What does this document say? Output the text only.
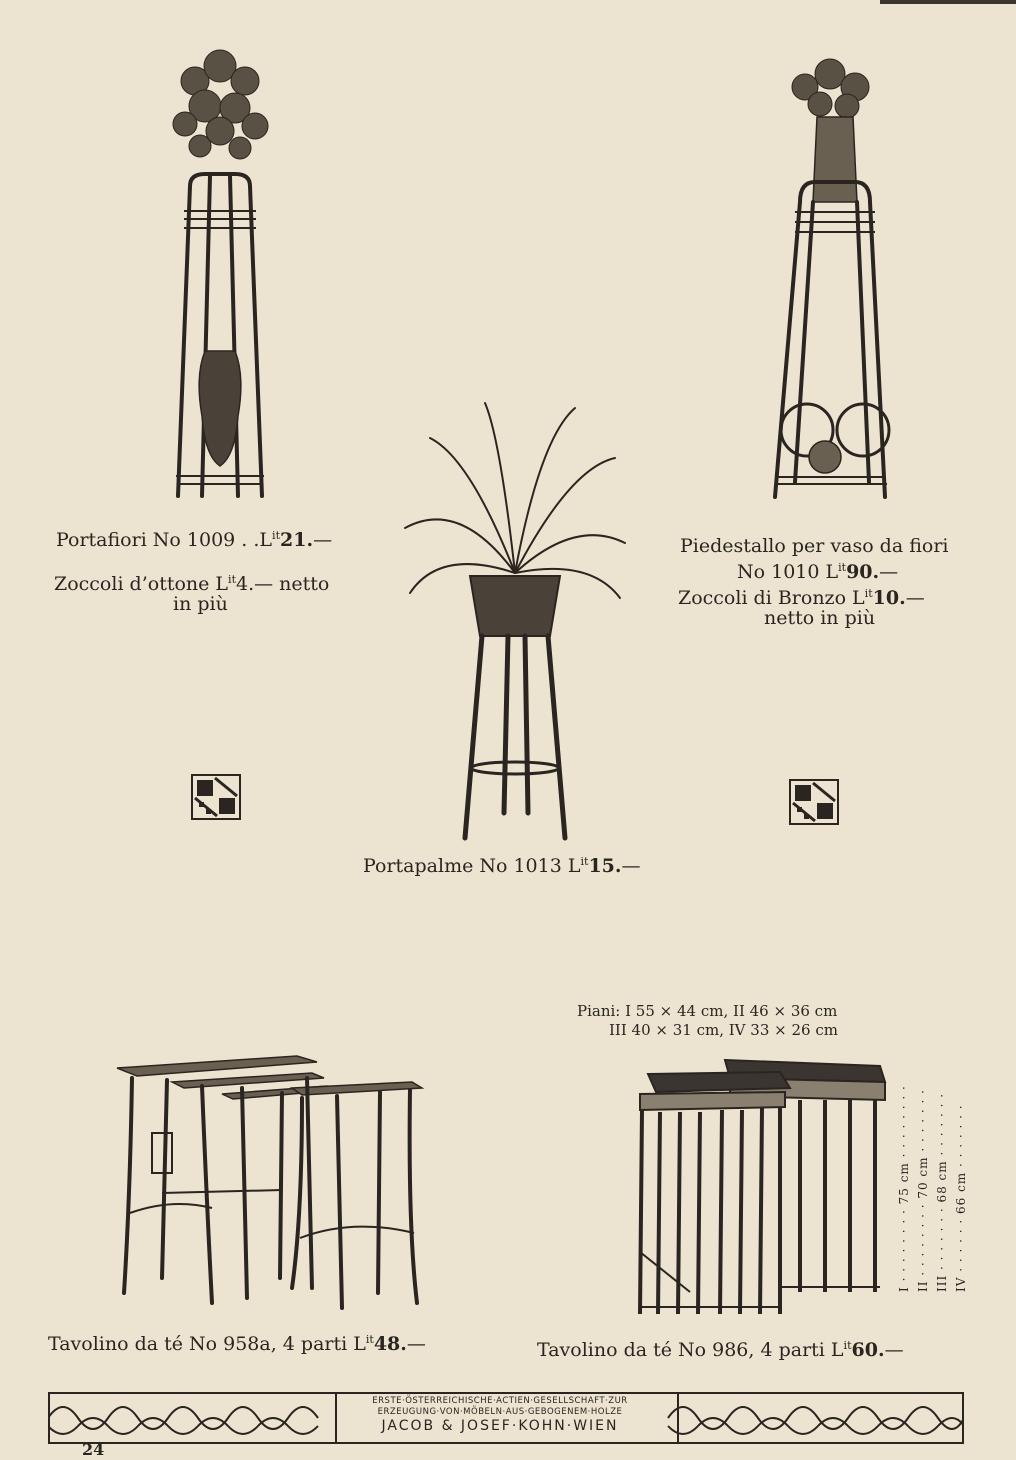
Portafiori No 1009 . $.L^{it}21.—$
Zoccoli d’ottone $L^{it}4.—$ netto
in più
Piedestallo per vaso da fiori
No 1010 $L^{it}90.—$
Zoccoli di Bronzo $L^{it}10.—$
netto in più
Portapalme No 1013 $L^{it}15.—$
Piani: I 55 × 44 cm, II 46 × 36 cm
III 40 × 31 cm, IV 33 × 26 cm
I · · · · · · · · 75 cm · · · · · · · ·
II · · · · · · · · 70 cm · · · · · · ·
III · · · · · · · 68 cm · · · · · · ·
IV · · · · · · 66 cm · · · · · · ·
Tavolino da té No 958a, 4 parti $L^{it}48.—$	Tavolino da té No 986, 4 parti $L^{it}60.—$
ERSTE·ÖSTERREICHISCHE·ACTIEN·GESELLSCHAFT·ZUR
ERZEUGUNG·VON·MÖBELN·AUS·GEBOGENEM·HOLZE
JACOB & JOSEF·KOHN·WIEN
24
